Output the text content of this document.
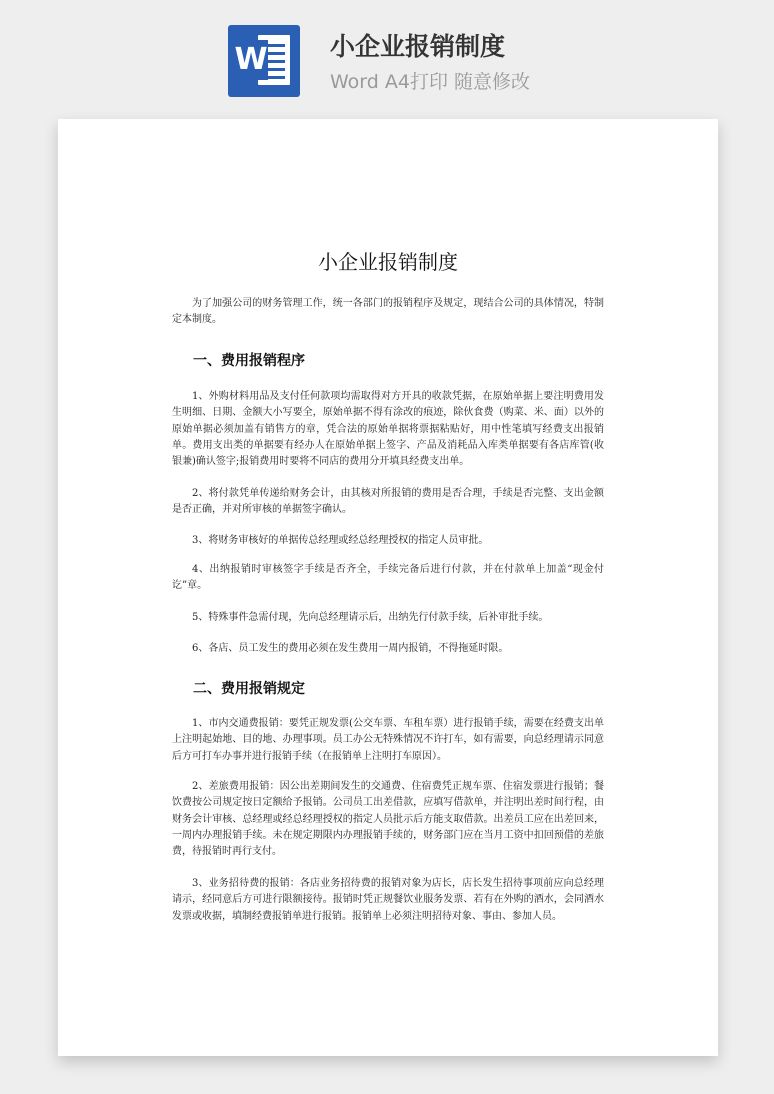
W 小企业报销制度
Word A4打印 随意修改
小企业报销制度

为了加强公司的财务管理工作，统一各部门的报销程序及规定，现结合公司的具体情况，特制定本制度。

一、费用报销程序

1、外购材料用品及支付任何款项均需取得对方开具的收款凭据，在原始单据上要注明费用发生明细、日期、金额大小写要全，原始单据不得有涂改的痕迹，除伙食费（购菜、米、面）以外的原始单据必须加盖有销售方的章，凭合法的原始单据将票据粘贴好，用中性笔填写经费支出报销单。费用支出类的单据要有经办人在原始单据上签字、产品及消耗品入库类单据要有各店库管(收银兼)确认签字;报销费用时要将不同店的费用分开填具经费支出单。

2、将付款凭单传递给财务会计，由其核对所报销的费用是否合理，手续是否完整、支出金额是否正确，并对所审核的单据签字确认。

3、将财务审核好的单据传总经理或经总经理授权的指定人员审批。

4、出纳报销时审核签字手续是否齐全，手续完备后进行付款，并在付款单上加盖“现金付讫”章。

5、特殊事件急需付现，先向总经理请示后，出纳先行付款手续，后补审批手续。

6、各店、员工发生的费用必须在发生费用一周内报销，不得拖延时限。

二、费用报销规定

1、市内交通费报销：要凭正规发票(公交车票、车租车票）进行报销手续，需要在经费支出单上注明起始地、目的地、办理事项。员工办公无特殊情况不许打车，如有需要，向总经理请示同意后方可打车办事并进行报销手续（在报销单上注明打车原因）。

2、差旅费用报销：因公出差期间发生的交通费、住宿费凭正规车票、住宿发票进行报销；餐饮费按公司规定按日定额给予报销。公司员工出差借款，应填写借款单，并注明出差时间行程，由财务会计审核、总经理或经总经理授权的指定人员批示后方能支取借款。出差员工应在出差回来，一周内办理报销手续。未在规定期限内办理报销手续的，财务部门应在当月工资中扣回预借的差旅费，待报销时再行支付。

3、业务招待费的报销：各店业务招待费的报销对象为店长，店长发生招待事项前应向总经理请示，经同意后方可进行限额接待。报销时凭正规餐饮业服务发票、若有在外购的酒水，会同酒水发票或收据，填制经费报销单进行报销。报销单上必须注明招待对象、事由、参加人员。
